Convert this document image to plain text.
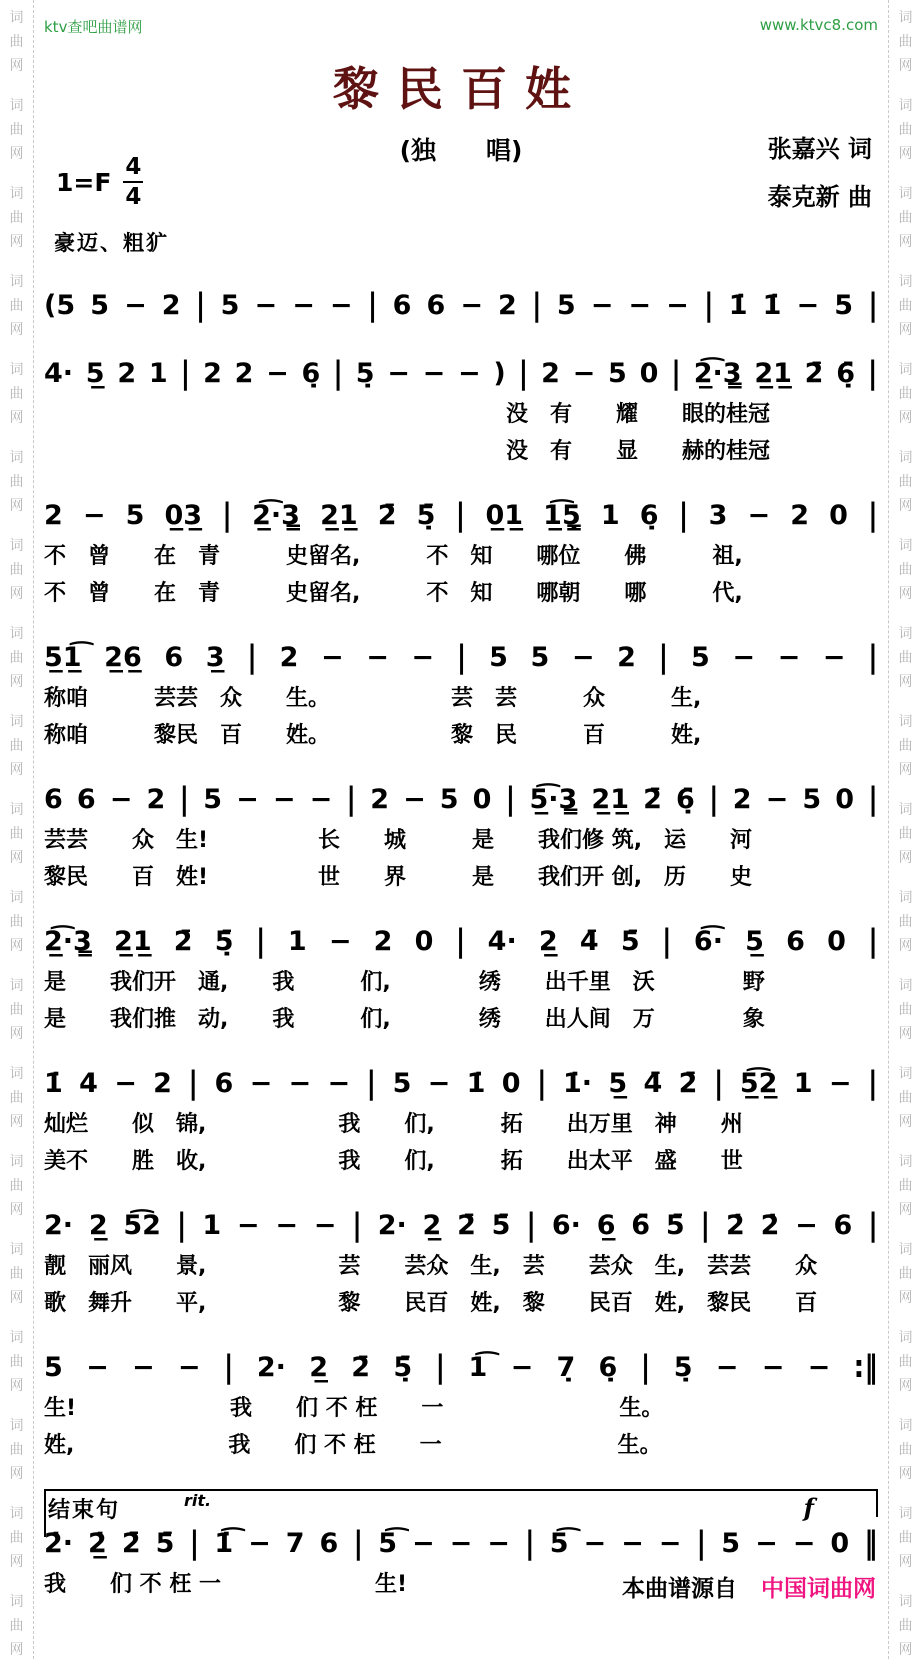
词
曲
网
词
曲
网
词
曲
网
词
曲
网
词
曲
网
词
曲
网
词
曲
网
词
曲
网
词
曲
网
词
曲
网
词
曲
网
词
曲
网
词
曲
网
词
曲
网
词
曲
网
词
曲
网
词
曲
网
词
曲
网
词
曲
网
词
曲
网
词
曲
网
词
曲
网
词
曲
网
词
曲
网
词
曲
网
词
曲
网
词
曲
网
词
曲
网
词
曲
网
词
曲
网
词
曲
网
词
曲
网
词
曲
网
词
曲
网
词
曲
网
词
曲
网
词
曲
网
词
曲
网
ktv查吧曲谱网	www.ktvc8.com
黎民百姓
(独　　唱)	张嘉兴 词
泰克新 曲
$1=F \frac{4}{4}$
豪迈、粗犷
(5 5 − 2 | 5 − − − | 6 6 − 2 | 5 − − − | 1̇ 1̇ − 5 |
4· 5̲ 2 1 | 2 2 − 6̣ | 5̣ − − − ) | 2 − 5 0 | 2̲͡·3̳ 2̲1̲ 2̄ 6̣̄ |
　　　　　　　　　　　　　　　　　　　　　没　有　　耀　　眼的桂冠
　　　　　　　　　　　　　　　　　　　　　没　有　　显　　赫的桂冠
2 − 5 0̲3̲ | 2̲͡·3̳ 2̲1̲ 2̄ 5̣̄ | 0̲1̲ 1̲͡5̣̳ 1 6̣ | 3 − 2 0 |
不　曾　　在　青　　　史留名,　　　不　知　　哪位　　佛　　　祖,
不　曾　　在　青　　　史留名,　　　不　知　　哪朝　　哪　　　代,
5̲1̲͡ 2̲6̲ 6 3̲ | 2 − − − | 5 5 − 2 | 5 − − − |
称咱　　　芸芸　众　　生。　　　　　　芸　芸　　　众　　　生,
称咱　　　黎民　百　　姓。　　　　　　黎　民　　　百　　　姓,
6 6 − 2 | 5 − − − | 2 − 5 0 | 5̲͡·3̳ 2̲1̲ 2̄ 6̣̄ | 2 − 5 0 |
芸芸　　众　生!　　　　　长　　城　　　是　　我们修 筑,　运　　河
黎民　　百　姓!　　　　　世　　界　　　是　　我们开 创,　历　　史
2̲͡·3̳ 2̲1̲ 2̄ 5̣̄ | 1 − 2 0 | 4· 2̲ 4̄ 5̄ | 6͡· 5̲ 6 0 |
是　　我们开　通,　　我　　　们,　　　　绣　　出千里　沃　　　　野
是　　我们推　动,　　我　　　们,　　　　绣　　出人间　万　　　　象
1̇ 4 − 2 | 6 − − − | 5 − 1̇ 0 | 1̇· 5̲ 4̄ 2̄ | 5̲͡2̲ 1 − |
灿烂　　似　锦,　　　　　　我　　们,　　　拓　　出万里　神　　州
美不　　胜　收,　　　　　　我　　们,　　　拓　　出太平　盛　　世
2· 2̲ 5͡2 | 1 − − − | 2· 2̲ 2̄ 5̄ | 6· 6̲ 6̄ 5̄ | 2̇ 2̇ − 6 |
靓　丽风　　景,　　　　　　芸　　芸众　生,　芸　　芸众　生,　芸芸　　众
歌　舞升　　平,　　　　　　黎　　民百　姓,　黎　　民百　姓,　黎民　　百
5 − − − | 2· 2̲ 2̄ 5̣̄ | 1͡ − 7̣ 6̣ | 5̣ − − − :‖
生!　　　　　　　我　　们 不 枉　　一　　　　　　　　生。
姓,　　　　　　　我　　们 不 枉　　一　　　　　　　　生。
结束句	rit.	f
2̇· 2̲̇ 2̄̇ 5̄ | 1̇͡ − 7 6 | 5͡ − − − | 5͡ − − − | 5 − − 0 ‖
我　　们 不 枉 一　　　　　　　生!	本曲谱源自 中国词曲网
